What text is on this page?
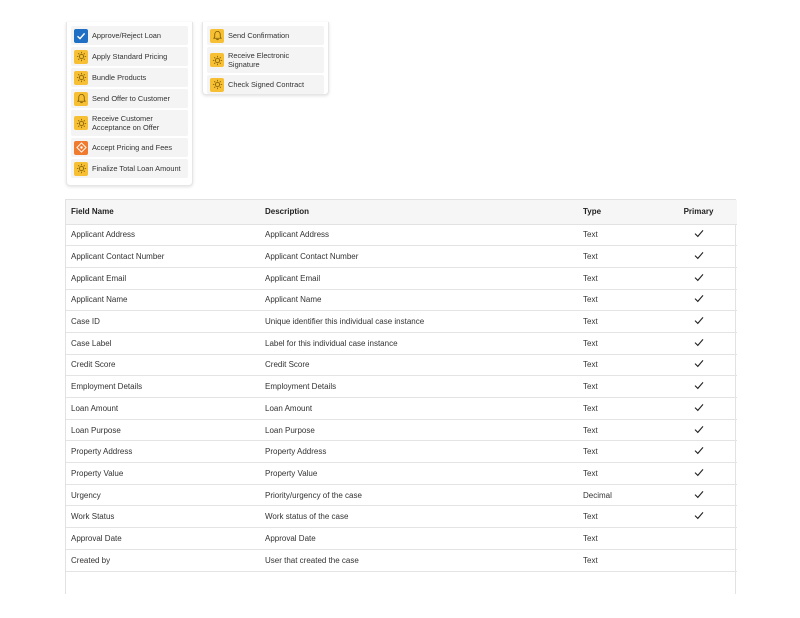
Approve/Reject Loan
Apply Standard Pricing
Bundle Products
Send Offer to Customer
Receive Customer Acceptance on Offer
Accept Pricing and Fees
Finalize Total Loan Amount
Send Confirmation
Receive Electronic Signature
Check Signed Contract
Field Name	Description	Type	Primary
Applicant Address	Applicant Address	Text	
Applicant Contact Number	Applicant Contact Number	Text	
Applicant Email	Applicant Email	Text	
Applicant Name	Applicant Name	Text	
Case ID	Unique identifier this individual case instance	Text	
Case Label	Label for this individual case instance	Text	
Credit Score	Credit Score	Text	
Employment Details	Employment Details	Text	
Loan Amount	Loan Amount	Text	
Loan Purpose	Loan Purpose	Text	
Property Address	Property Address	Text	
Property Value	Property Value	Text	
Urgency	Priority/urgency of the case	Decimal	
Work Status	Work status of the case	Text	
Approval Date	Approval Date	Text	
Created by	User that created the case	Text	
